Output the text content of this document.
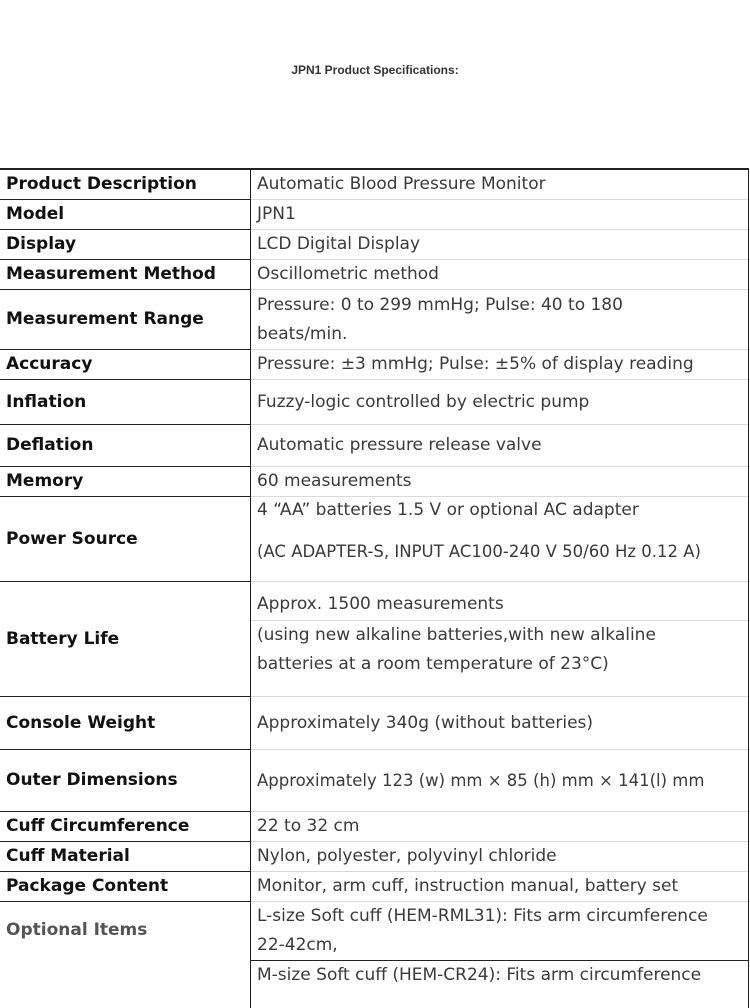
JPN1 Product Specifications:
Product Description	Automatic Blood Pressure Monitor
Model	JPN1
Display	LCD Digital Display
Measurement Method	Oscillometric method
Measurement Range	Pressure: 0 to 299 mmHg; Pulse: 40 to 180
beats/min.

Accuracy	Pressure: ±3 mmHg; Pulse: ±5% of display reading
Inflation	Fuzzy-logic controlled by electric pump
Deflation	Automatic pressure release valve
Memory	60 measurements
Power Source	4 “AA” batteries 1.5 V or optional AC adapter
(AC ADAPTER-S, INPUT AC100-240 V 50/60 Hz 0.12 A)

Battery Life	Approx. 1500 measurements
(using new alkaline batteries,with new alkaline
batteries at a room temperature of 23°C)

Console Weight	Approximately 340g (without batteries)
Outer Dimensions	Approximately 123 (w) mm × 85 (h) mm × 141(l) mm
Cuff Circumference	22 to 32 cm
Cuff Material	Nylon, polyester, polyvinyl chloride
Package Content	Monitor, arm cuff, instruction manual, battery set
Optional Items	L-size Soft cuff (HEM-RML31): Fits arm circumference
22-42cm,
M-size Soft cuff (HEM-CR24): Fits arm circumference
